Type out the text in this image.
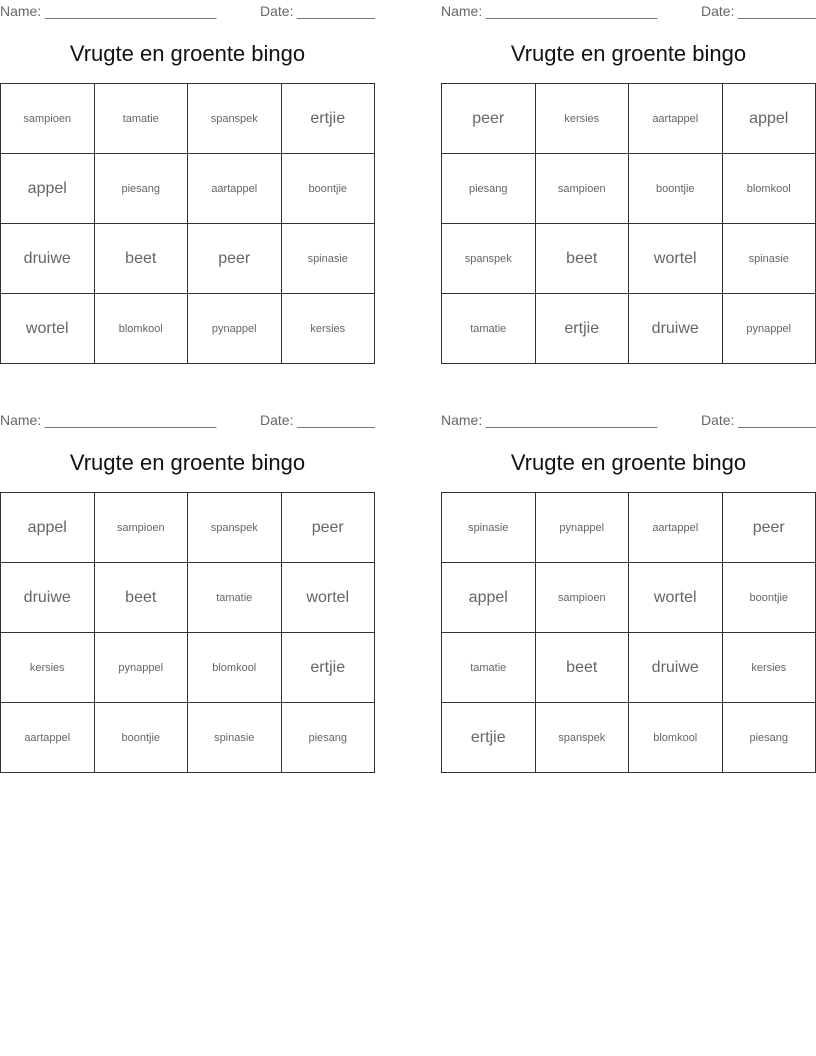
Name: ______________________	Date: __________
Vrugte en groente bingo
sampioen	tamatie	spanspek	ertjie
appel	piesang	aartappel	boontjie
druiwe	beet	peer	spinasie
wortel	blomkool	pynappel	kersies
Name: ______________________	Date: __________
Vrugte en groente bingo
peer	kersies	aartappel	appel
piesang	sampioen	boontjie	blomkool
spanspek	beet	wortel	spinasie
tamatie	ertjie	druiwe	pynappel
Name: ______________________	Date: __________
Vrugte en groente bingo
appel	sampioen	spanspek	peer
druiwe	beet	tamatie	wortel
kersies	pynappel	blomkool	ertjie
aartappel	boontjie	spinasie	piesang
Name: ______________________	Date: __________
Vrugte en groente bingo
spinasie	pynappel	aartappel	peer
appel	sampioen	wortel	boontjie
tamatie	beet	druiwe	kersies
ertjie	spanspek	blomkool	piesang
